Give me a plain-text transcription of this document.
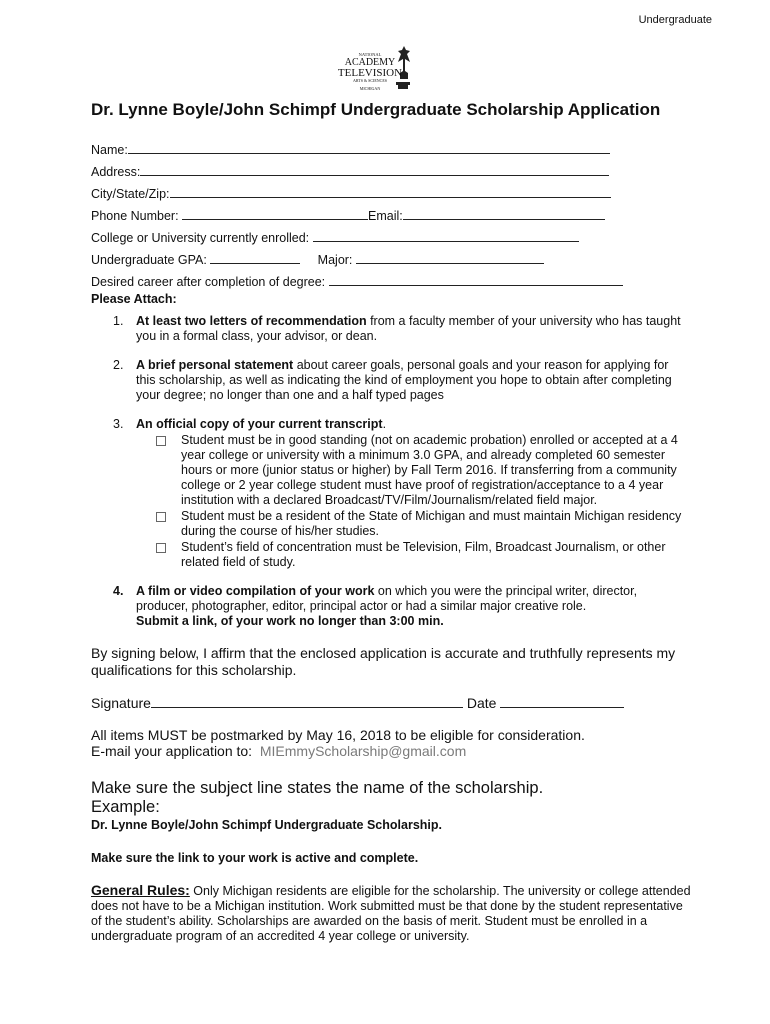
Undergraduate
NATIONAL
ACADEMY
TELEVISION
ARTS & SCIENCES
MICHIGAN
Dr. Lynne Boyle/John Schimpf Undergraduate Scholarship Application
Name:
Address:
City/State/Zip:
Phone Number:	Email:
College or University currently enrolled:
Undergraduate GPA:	Major:
Desired career after completion of degree:
Please Attach:
1. At least two letters of recommendation from a faculty member of your university who has taught you in a formal class, your advisor, or dean.
2. A brief personal statement about career goals, personal goals and your reason for applying for this scholarship, as well as indicating the kind of employment you hope to obtain after completing your degree; no longer than one and a half typed pages
3. An official copy of your current transcript.
Student must be in good standing (not on academic probation) enrolled or accepted at a 4 year college or university with a minimum 3.0 GPA, and already completed 60 semester hours or more (junior status or higher) by Fall Term 2016. If transferring from a community college or 2 year college student must have proof of registration/acceptance to a 4 year institution with a declared Broadcast/TV/Film/Journalism/related field major.
Student must be a resident of the State of Michigan and must maintain Michigan residency during the course of his/her studies.
Student’s field of concentration must be Television, Film, Broadcast Journalism, or other related field of study.
4. A film or video compilation of your work on which you were the principal writer, director, producer, photographer, editor, principal actor or had a similar major creative role.
Submit a link, of your work no longer than 3:00 min.
By signing below, I affirm that the enclosed application is accurate and truthfully represents my qualifications for this scholarship.
Signature	Date
All items MUST be postmarked by May 16, 2018 to be eligible for consideration.
E-mail your application to: MIEmmyScholarship@gmail.com
Make sure the subject line states the name of the scholarship.
Example:
Dr. Lynne Boyle/John Schimpf Undergraduate Scholarship.
Make sure the link to your work is active and complete.
General Rules: Only Michigan residents are eligible for the scholarship. The university or college attended does not have to be a Michigan institution. Work submitted must be that done by the student representative of the student’s ability. Scholarships are awarded on the basis of merit. Student must be enrolled in a undergraduate program of an accredited 4 year college or university.
